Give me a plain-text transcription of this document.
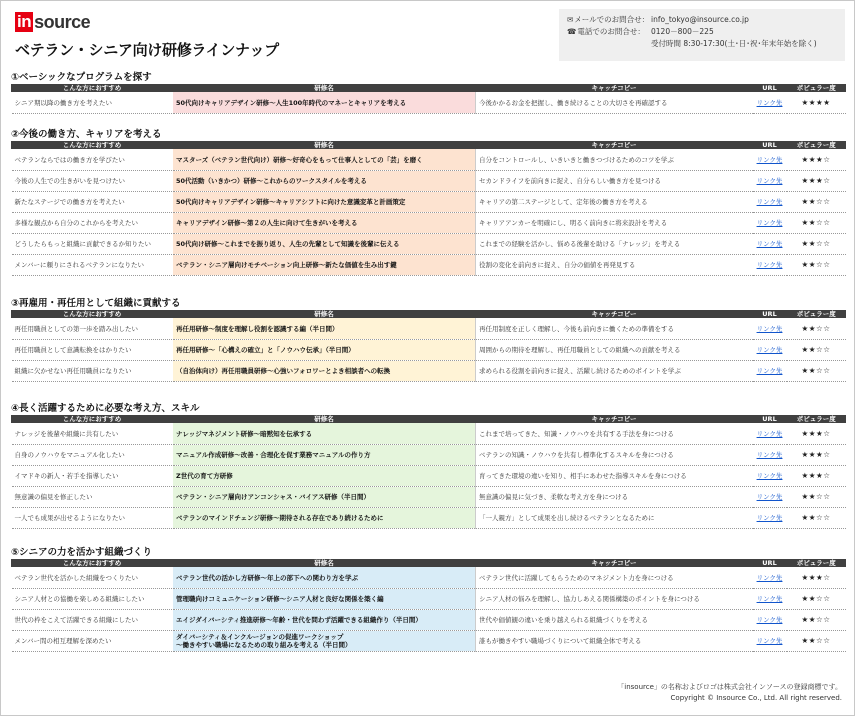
in source
ベテラン・シニア向け研修ラインナップ
✉メールでのお問合せ： info_tokyo@insource.co.jp
☎電話でのお問合せ： 0120－800－225
受付時間 8:30-17:30(土･日･祝･年末年始を除く)
①ベーシックなプログラムを探す
こんな方におすすめ	研修名	キャッチコピー	URL	ポピュラー度
シニア期以降の働き方を考えたい	50代向けキャリアデザイン研修～人生100年時代のマネーとキャリアを考える	今後かかるお金を把握し、働き続けることの大切さを再確認する	リンク先	★★★★
②今後の働き方、キャリアを考える
こんな方におすすめ	研修名	キャッチコピー	URL	ポピュラー度
ベテランならではの働き方を学びたい	マスターズ（ベテラン世代向け）研修～好奇心をもって仕事人としての「芸」を磨く	自分をコントロールし、いきいきと働きつづけるためのコツを学ぶ	リンク先	★★★☆
今後の人生での生きがいを見つけたい	50代活動（いきかつ）研修～これからのワークスタイルを考える	セカンドライフを前向きに捉え、自分らしい働き方を見つける	リンク先	★★★☆
新たなステージでの働き方を考えたい	50代向けキャリアデザイン研修～キャリアシフトに向けた意識変革と計画策定	キャリアの第二ステージとして、定年後の働き方を考える	リンク先	★★☆☆
多様な観点から自分のこれからを考えたい	キャリアデザイン研修～第２の人生に向けて生きがいを考える	キャリアアンカーを明確にし、明るく前向きに将来設計を考える	リンク先	★★☆☆
どうしたらもっと組織に貢献できるか知りたい	50代向け研修～これまでを振り返り、人生の先輩として知識を後輩に伝える	これまでの経験を活かし、悩める後輩を助ける「ナレッジ」を考える	リンク先	★★☆☆
メンバーに頼りにされるベテランになりたい	ベテラン・シニア層向けモチベーション向上研修～新たな価値を生み出す鍵	役割の変化を前向きに捉え、自分の価値を再発見する	リンク先	★★☆☆
③再雇用・再任用として組織に貢献する
こんな方におすすめ	研修名	キャッチコピー	URL	ポピュラー度
再任用職員としての第一歩を踏み出したい	再任用研修～制度を理解し役割を認識する編（半日間）	再任用制度を正しく理解し、今後も前向きに働くための準備をする	リンク先	★★☆☆
再任用職員として意識転換をはかりたい	再任用研修～「心構えの確立」と「ノウハウ伝承」（半日間）	周囲からの期待を理解し、再任用職員としての組織への貢献を考える	リンク先	★★☆☆
組織に欠かせない再任用職員になりたい	（自治体向け）再任用職員研修～心強いフォロワーとよき相談者への転換	求められる役割を前向きに捉え、活躍し続けるためのポイントを学ぶ	リンク先	★★☆☆
④長く活躍するために必要な考え方、スキル
こんな方におすすめ	研修名	キャッチコピー	URL	ポピュラー度
ナレッジを後輩や組織に共有したい	ナレッジマネジメント研修～暗黙知を伝承する	これまで培ってきた、知識・ノウハウを共有する手法を身につける	リンク先	★★★☆
自身のノウハウをマニュアル化したい	マニュアル作成研修～改善・合理化を促す業務マニュアルの作り方	ベテランの知識・ノウハウを共有し標準化するスキルを身につける	リンク先	★★★☆
イマドキの新人・若手を指導したい	Z世代の育て方研修	育ってきた環境の違いを知り、相手にあわせた指導スキルを身につける	リンク先	★★★☆
無意識の偏見を修正したい	ベテラン・シニア層向けアンコンシャス・バイアス研修（半日間）	無意識の偏見に気づき、柔軟な考え方を身につける	リンク先	★★☆☆
一人でも成果が出せるようになりたい	ベテランのマインドチェンジ研修～期待される存在であり続けるために	「一人親方」として成果を出し続けるベテランとなるために	リンク先	★★☆☆
⑤シニアの力を活かす組織づくり
こんな方におすすめ	研修名	キャッチコピー	URL	ポピュラー度
ベテラン世代を活かした組織をつくりたい	ベテラン世代の活かし方研修～年上の部下への関わり方を学ぶ	ベテラン世代に活躍してもらうためのマネジメント力を身につける	リンク先	★★★☆
シニア人材との協働を楽しめる組織にしたい	管理職向けコミュニケーション研修～シニア人材と良好な関係を築く編	シニア人材の悩みを理解し、協力しあえる関係構築のポイントを身につける	リンク先	★★☆☆
世代の枠をこえて活躍できる組織にしたい	エイジダイバーシティ推進研修～年齢・世代を問わず活躍できる組織作り（半日間）	世代や価値観の違いを乗り越えられる組織づくりを考える	リンク先	★★☆☆
メンバー間の相互理解を深めたい	ダイバーシティ＆インクルージョンの促進ワークショップ
～働きやすい職場になるための取り組みを考える（半日間）	誰もが働きやすい職場づくりについて組織全体で考える	リンク先	★★☆☆
「insource」の名称およびロゴは株式会社インソースの登録商標です。
Copyright © Insource Co., Ltd. All right reserved.
